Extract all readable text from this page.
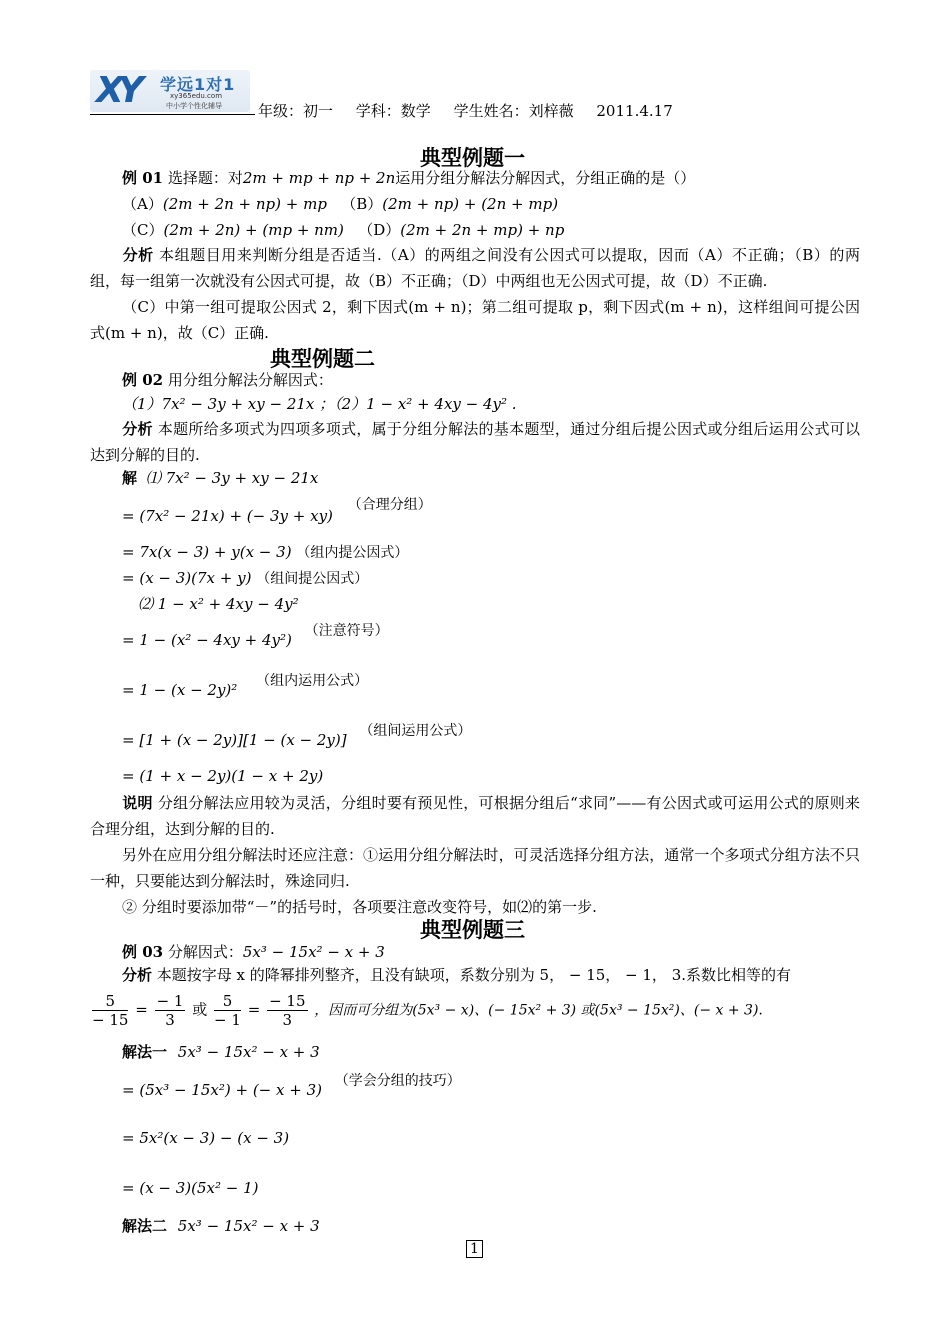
XY 学远1对1
xy365edu.com
中小学个性化辅导 年级：初一 学科：数学 学生姓名：刘梓薇 2011.4.17
典型例题一
例 01 选择题：对2m + mp + np + 2n运用分组分解法分解因式，分组正确的是（）
（A）(2m + 2n + np) + mp （B）(2m + np) + (2n + mp)
（C）(2m + 2n) + (mp + nm) （D）(2m + 2n + mp) + np
分析 本组题目用来判断分组是否适当.（A）的两组之间没有公因式可以提取，因而（A）不正确；（B）的两组，每一组第一次就没有公因式可提，故（B）不正确；（D）中两组也无公因式可提，故（D）不正确.
（C）中第一组可提取公因式 2，剩下因式(m + n)；第二组可提取 p，剩下因式(m + n)，这样组间可提公因式(m + n)，故（C）正确.
典型例题二
例 02 用分组分解法分解因式：
（1）7x² − 3y + xy − 21x ；（2）1 − x² + 4xy − 4y² .
分析 本题所给多项式为四项多项式，属于分组分解法的基本题型，通过分组后提公因式或分组后运用公式可以达到分解的目的.
解 ⑴ 7x² − 3y + xy − 21x
= (7x² − 21x) + (− 3y + xy) （合理分组）
= 7x(x − 3) + y(x − 3) （组内提公因式）
= (x − 3)(7x + y) （组间提公因式）
⑵ 1 − x² + 4xy − 4y²
= 1 − (x² − 4xy + 4y²) （注意符号）
= 1 − (x − 2y)² （组内运用公式）
= [1 + (x − 2y)][1 − (x − 2y)] （组间运用公式）
= (1 + x − 2y)(1 − x + 2y)
说明 分组分解法应用较为灵活，分组时要有预见性，可根据分组后“求同”——有公因式或可运用公式的原则来合理分组，达到分解的目的.
另外在应用分组分解法时还应注意：①运用分组分解法时，可灵活选择分组方法，通常一个多项式分组方法不只一种，只要能达到分解法时，殊途同归.
② 分组时要添加带“－”的括号时，各项要注意改变符号，如⑵的第一步.
典型例题三
例 03 分解因式：5x³ − 15x² − x + 3
分析 本题按字母 x 的降幂排列整齐，且没有缺项，系数分别为 5， − 15， − 1， 3.系数比相等的有
$\frac{5}{- 15} = \frac{- 1}{3}$ 或 $\frac{5}{- 1} = \frac{- 15}{3}$ ，因而可分组为(5x³ − x)、(− 15x² + 3) 或(5x³ − 15x²)、(− x + 3).
解法一 5x³ − 15x² − x + 3
= (5x³ − 15x²) + (− x + 3) （学会分组的技巧）
= 5x²(x − 3) − (x − 3)
= (x − 3)(5x² − 1)
解法二 5x³ − 15x² − x + 3
1
